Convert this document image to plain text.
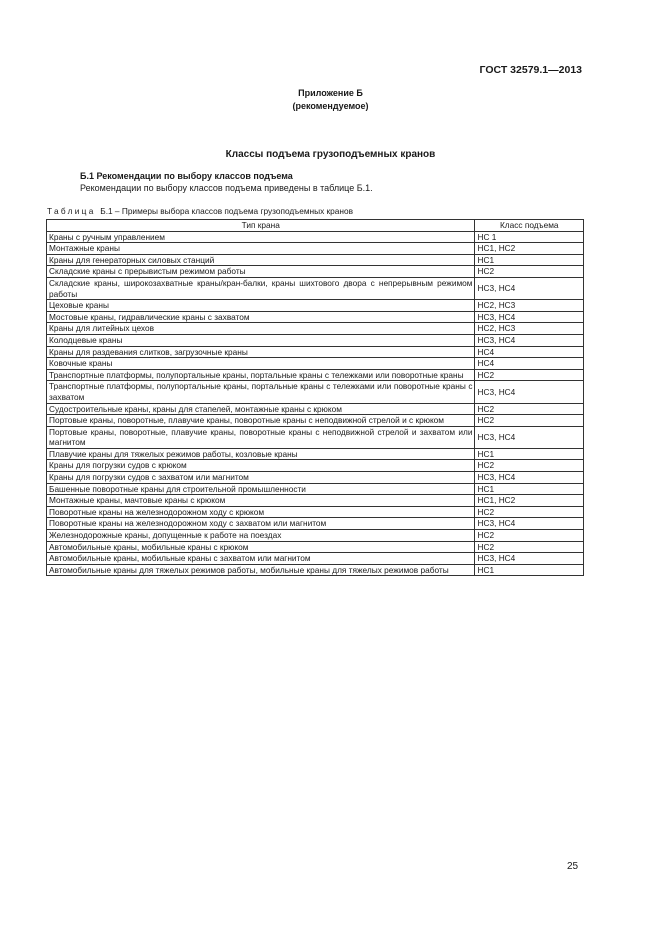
ГОСТ 32579.1—2013
Приложение Б
(рекомендуемое)
Классы подъема грузоподъемных кранов
Б.1 Рекомендации по выбору классов подъема
Рекомендации по выбору классов подъема приведены в таблице Б.1.
Таблица Б.1 – Примеры выбора классов подъема грузоподъемных кранов
Тип крана	Класс подъема
Краны с ручным управлением	НС 1
Монтажные краны	НС1, НС2
Краны для генераторных силовых станций	НС1
Складские краны с прерывистым режимом работы	НС2
Складские краны, широкозахватные краны/кран-балки, краны шихтового двора с непрерывным режимом работы	НС3, НС4
Цеховые краны	НС2, НС3
Мостовые краны, гидравлические краны с захватом	НС3, НС4
Краны для литейных цехов	НС2, НС3
Колодцевые краны	НС3, НС4
Краны для раздевания слитков, загрузочные краны	НС4
Ковочные краны	НС4
Транспортные платформы, полупортальные краны, портальные краны с тележками или поворотные краны	НС2
Транспортные платформы, полупортальные краны, портальные краны с тележками или поворотные краны с захватом	НС3, НС4
Судостроительные краны, краны для стапелей, монтажные краны с крюком	НС2
Портовые краны, поворотные, плавучие краны, поворотные краны с неподвижной стрелой и с крюком	НС2
Портовые краны, поворотные, плавучие краны, поворотные краны с неподвижной стрелой и захватом или магнитом	НС3, НС4
Плавучие краны для тяжелых режимов работы, козловые краны	НС1
Краны для погрузки судов с крюком	НС2
Краны для погрузки судов с захватом или магнитом	НС3, НС4
Башенные поворотные краны для строительной промышленности	НС1
Монтажные краны, мачтовые краны с крюком	НС1, НС2
Поворотные краны на железнодорожном ходу с крюком	НС2
Поворотные краны на железнодорожном ходу с захватом или магнитом	НС3, НС4
Железнодорожные краны, допущенные к работе на поездах	НС2
Автомобильные краны, мобильные краны с крюком	НС2
Автомобильные краны, мобильные краны с захватом или магнитом	НС3, НС4
Автомобильные краны для тяжелых режимов работы, мобильные краны для тяжелых режимов работы	НС1
25
